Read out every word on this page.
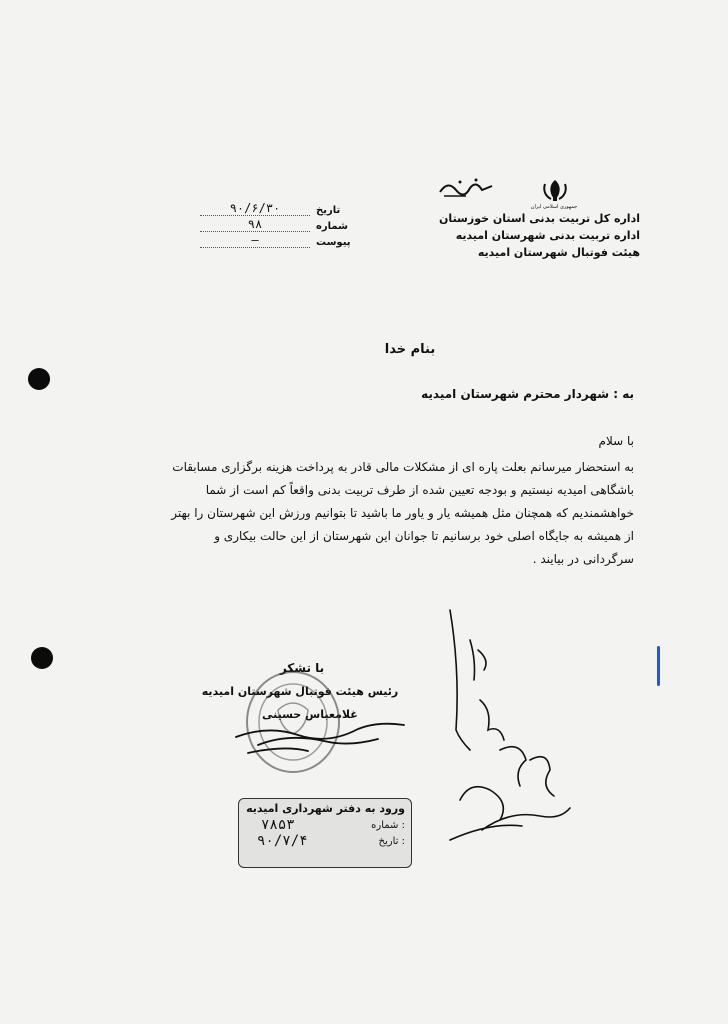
جمهوری اسلامی ایران
اداره کل تربیت بدنی استان خوزستان
اداره تربیت بدنی شهرستان امیدیه
هیئت فوتبال شهرستان امیدیه
۹۰/۶/۳۰	تاریخ
۹۸	شماره
—	پیوست
بنام خدا
به : شهردار محترم شهرستان امیدیه
با سلام
به استحضار میرسانم بعلت پاره ای از مشکلات مالی قادر به پرداخت هزینه برگزاری مسابقات
باشگاهی امیدیه نیستیم و بودجه تعیین شده از طرف تربیت بدنی واقعاً کم است از شما
خواهشمندیم که همچنان مثل همیشه یار و یاور ما باشید تا بتوانیم ورزش این شهرستان را بهتر
از همیشه به جایگاه اصلی خود برسانیم تا جوانان این شهرستان از این حالت بیکاری و
سرگردانی در بیایند .
با تشکر
رئیس هیئت فوتبال شهرستان امیدیه
غلامعباس حسینی
ورود به دفتر شهرداری امیدیه
۷۸۵۳	شماره :
۹۰/۷/۴	تاریخ :
